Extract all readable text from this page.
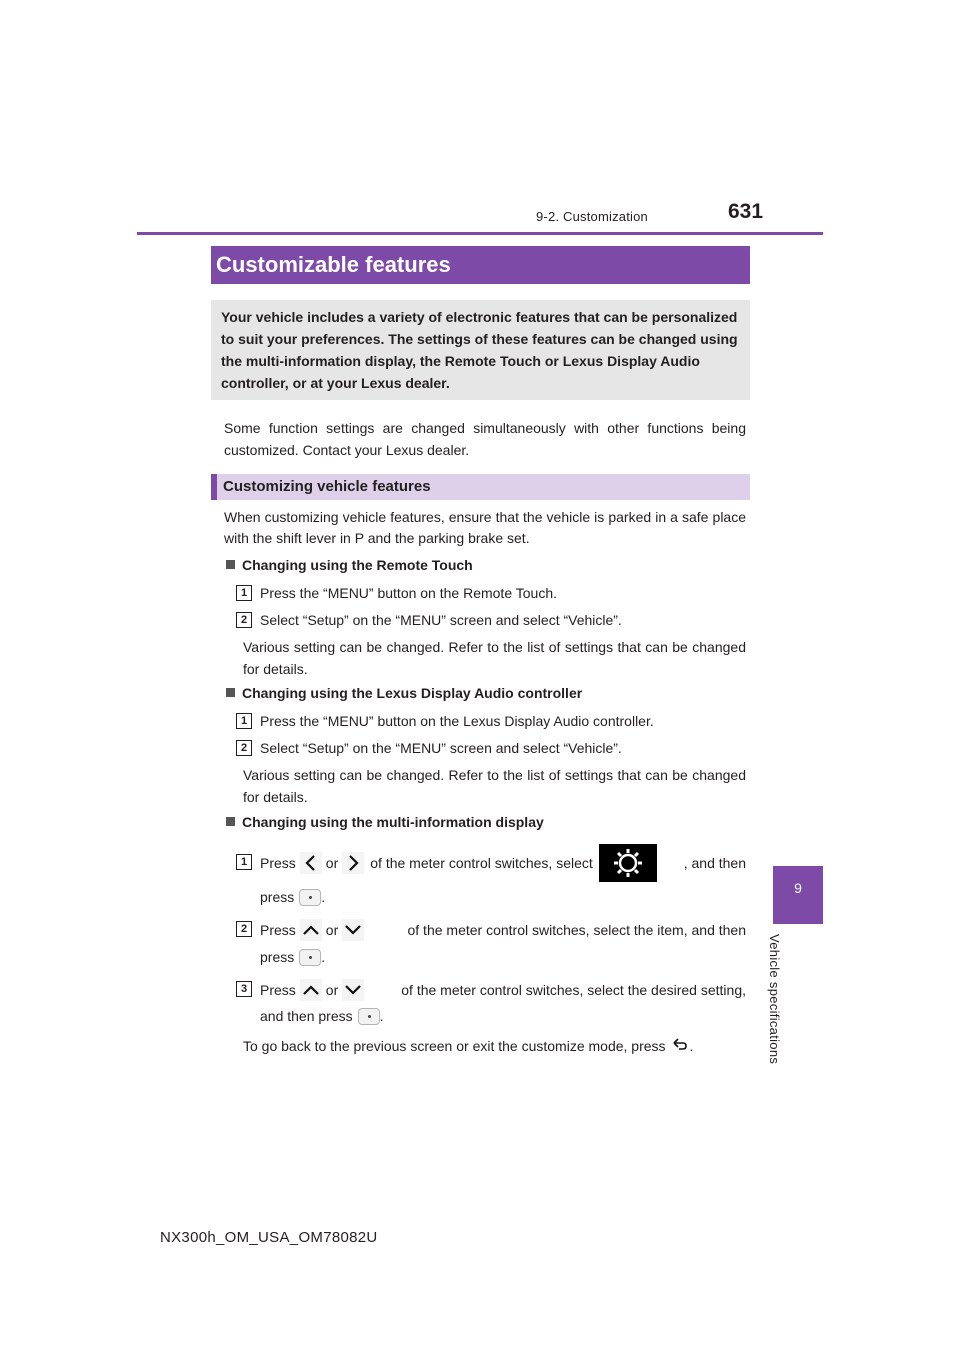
9-2. Customization	631
9
Vehicle specifications
Customizable features
Your vehicle includes a variety of electronic features that can be personalized to suit your preferences. The settings of these features can be changed using the multi-information display, the Remote Touch or Lexus Display Audio controller, or at your Lexus dealer.
Some function settings are changed simultaneously with other functions being customized. Contact your Lexus dealer.
Customizing vehicle features
When customizing vehicle features, ensure that the vehicle is parked in a safe place with the shift lever in P and the parking brake set.
Changing using the Remote Touch
1 Press the “MENU” button on the Remote Touch.
2 Select “Setup” on the “MENU” screen and select “Vehicle”.
Various setting can be changed. Refer to the list of settings that can be changed for details.
Changing using the Lexus Display Audio controller
1 Press the “MENU” button on the Lexus Display Audio controller.
2 Select “Setup” on the “MENU” screen and select “Vehicle”.
Various setting can be changed. Refer to the list of settings that can be changed for details.
Changing using the multi-information display
1 Press or of the meter control switches, select	, and then
press .
2 Press or	of the meter control switches, select the item, and then
press .
3 Press or	of the meter control switches, select the desired setting,
and then press .
To go back to the previous screen or exit the customize mode, press .
NX300h_OM_USA_OM78082U
